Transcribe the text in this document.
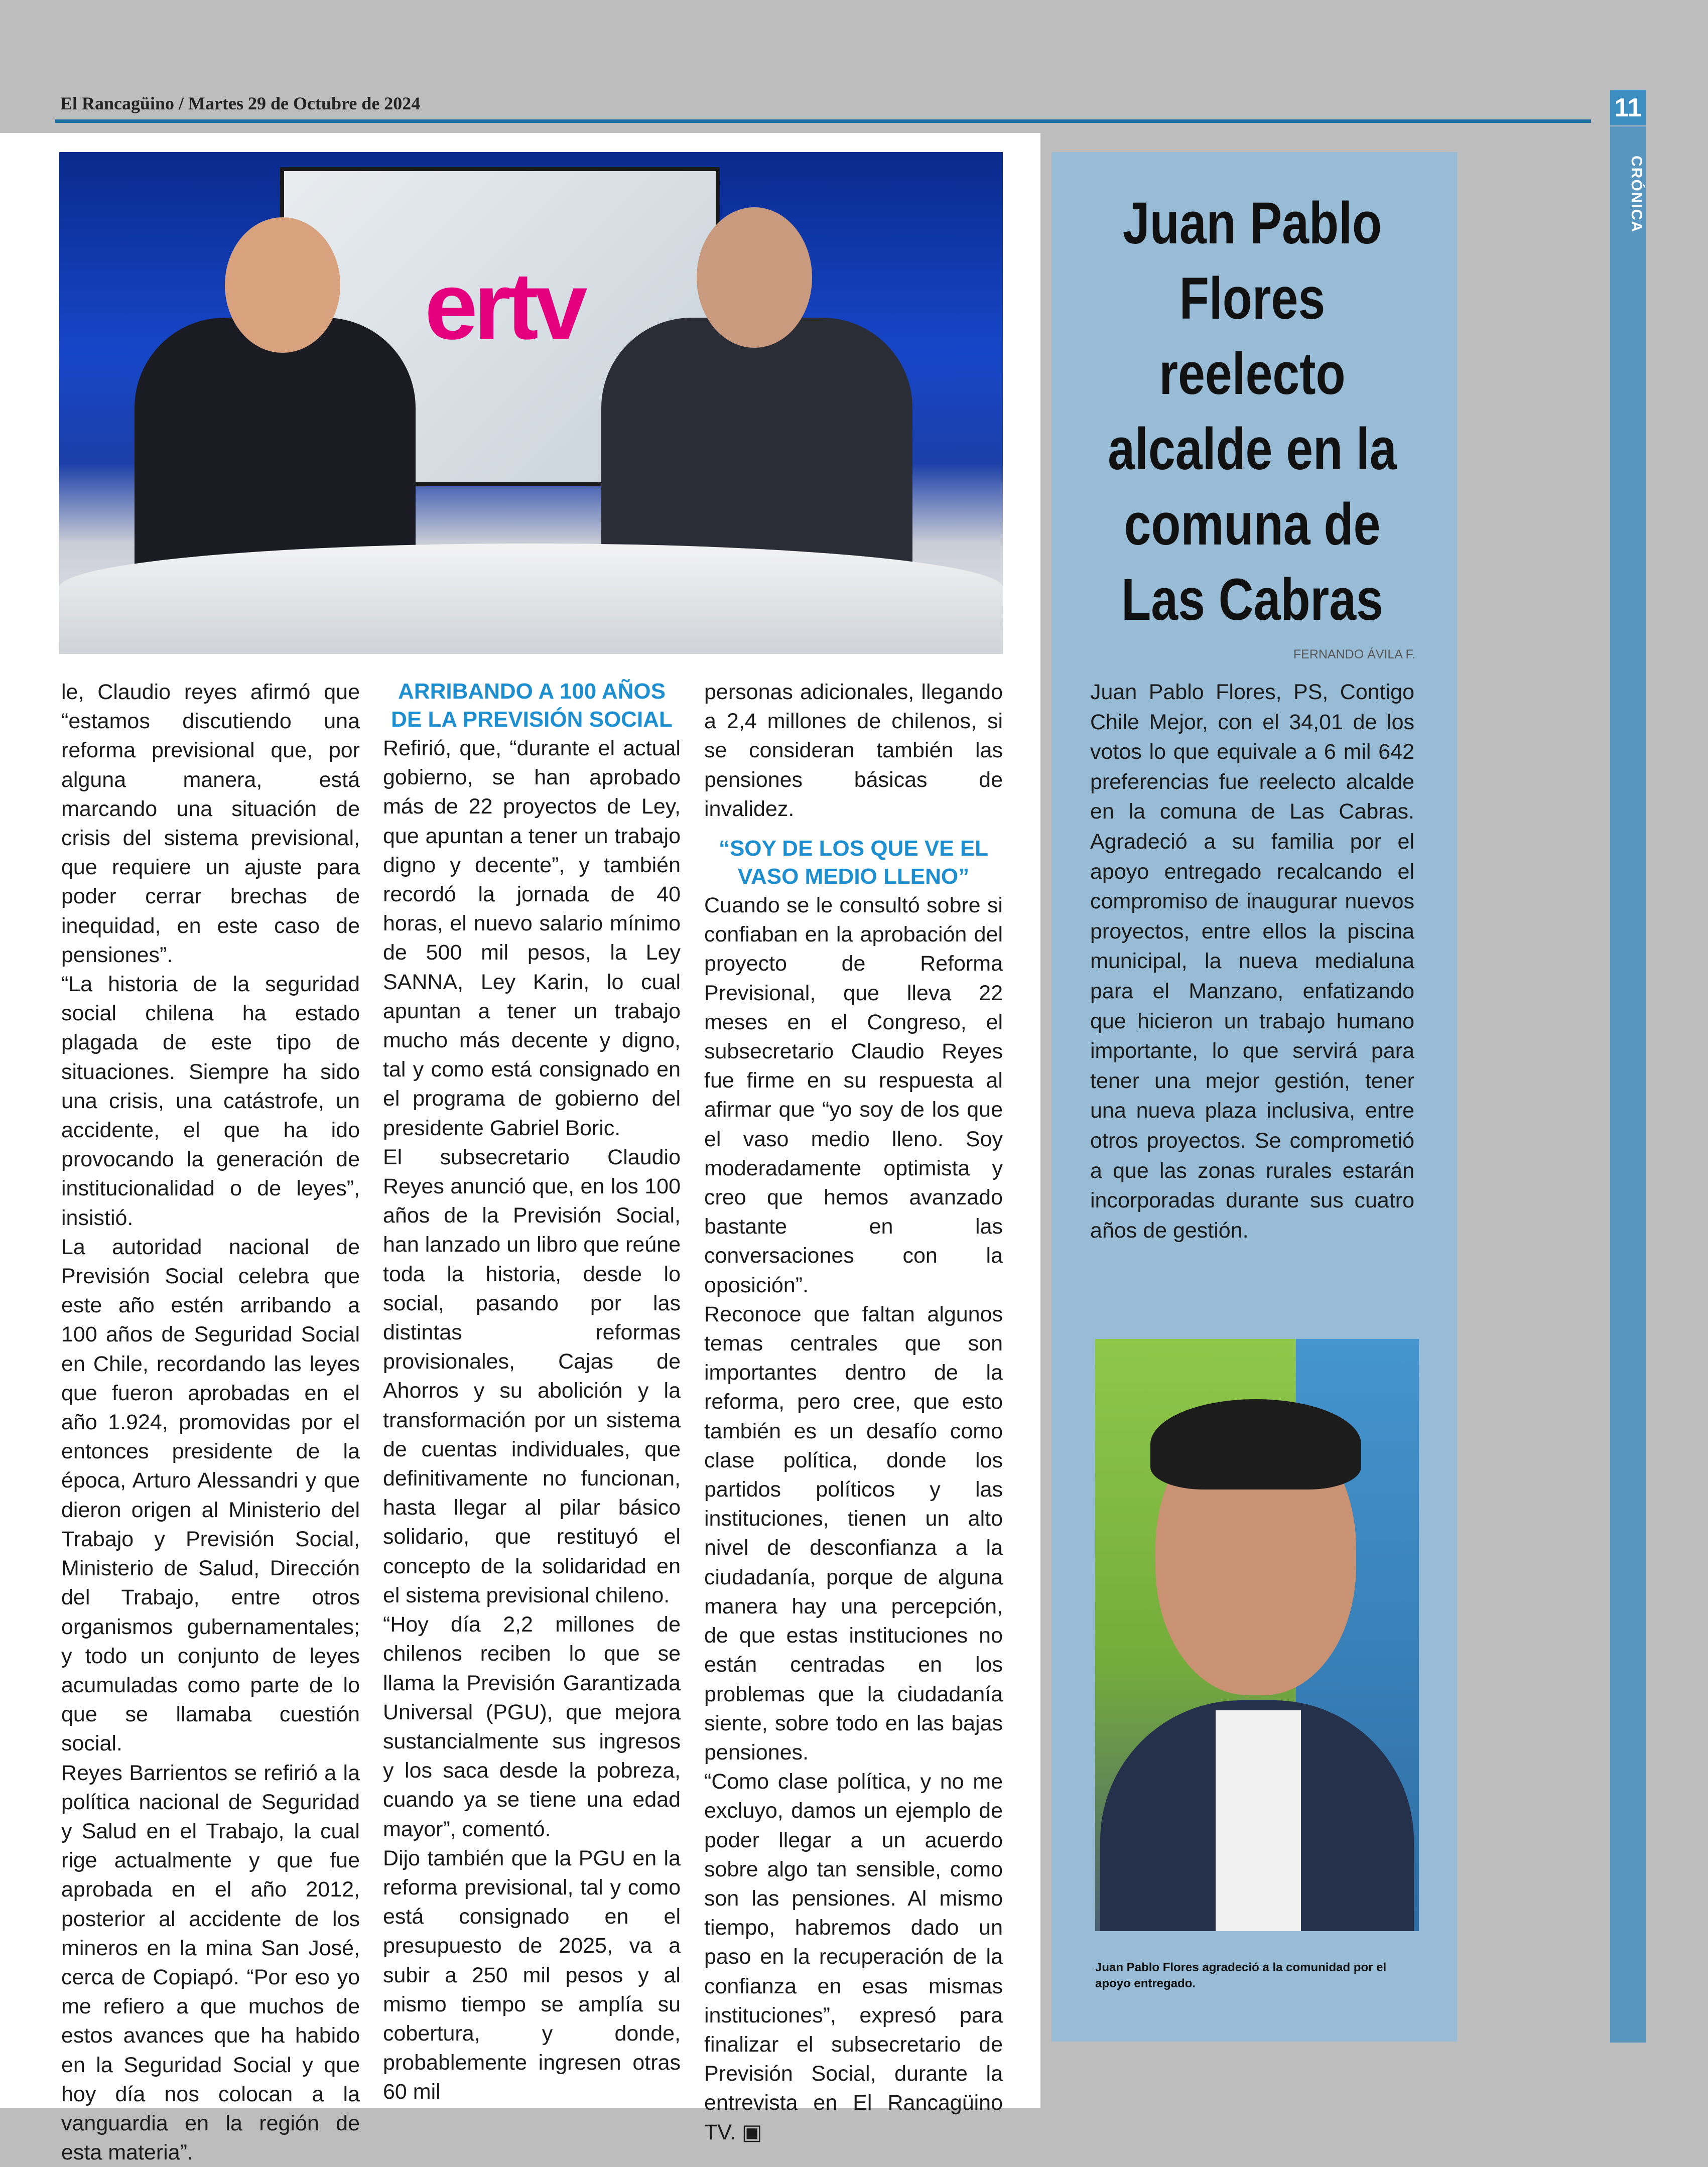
El Rancagüino / Martes 29 de Octubre de 2024	11
CRÓNICA
ertv

le, Claudio reyes afirmó que “estamos discutiendo una reforma previsional que, por alguna manera, está marcando una situación de crisis del sistema previsional, que requiere un ajuste para poder cerrar brechas de inequidad, en este caso de pensiones”.

“La historia de la seguridad social chilena ha estado plagada de este tipo de situaciones. Siempre ha sido una crisis, una catástrofe, un accidente, el que ha ido provocando la generación de institucionalidad o de leyes”, insistió.

La autoridad nacional de Previsión Social celebra que este año estén arribando a 100 años de Seguridad Social en Chile, recordando las leyes que fueron aprobadas en el año 1.924, promovidas por el entonces presidente de la época, Arturo Alessandri y que dieron origen al Ministerio del Trabajo y Previsión Social, Ministerio de Salud, Dirección del Trabajo, entre otros organismos gubernamentales; y todo un conjunto de leyes acumuladas como parte de lo que se llamaba cuestión social.

Reyes Barrientos se refirió a la política nacional de Seguridad y Salud en el Trabajo, la cual rige actualmente y que fue aprobada en el año 2012, posterior al accidente de los mineros en la mina San José, cerca de Copiapó. “Por eso yo me refiero a que muchos de estos avances que ha habido en la Seguridad Social y que hoy día nos colocan a la vanguardia en la región de esta materia”.

ARRIBANDO A 100 AÑOS DE LA PREVISIÓN SOCIAL

Refirió, que, “durante el actual gobierno, se han aprobado más de 22 proyectos de Ley, que apuntan a tener un trabajo digno y decente”, y también recordó la jornada de 40 horas, el nuevo salario mínimo de 500 mil pesos, la Ley SANNA, Ley Karin, lo cual apuntan a tener un trabajo mucho más decente y digno, tal y como está consignado en el programa de gobierno del presidente Gabriel Boric.

El subsecretario Claudio Reyes anunció que, en los 100 años de la Previsión Social, han lanzado un libro que reúne toda la historia, desde lo social, pasando por las distintas reformas provisionales, Cajas de Ahorros y su abolición y la transformación por un sistema de cuentas individuales, que definitivamente no funcionan, hasta llegar al pilar básico solidario, que restituyó el concepto de la solidaridad en el sistema previsional chileno.

“Hoy día 2,2 millones de chilenos reciben lo que se llama la Previsión Garantizada Universal (PGU), que mejora sustancialmente sus ingresos y los saca desde la pobreza, cuando ya se tiene una edad mayor”, comentó.

Dijo también que la PGU en la reforma previsional, tal y como está consignado en el presupuesto de 2025, va a subir a 250 mil pesos y al mismo tiempo se amplía su cobertura, y donde, probablemente ingresen otras 60 mil

personas adicionales, llegando a 2,4 millones de chilenos, si se consideran también las pensiones básicas de invalidez.

“SOY DE LOS QUE VE EL VASO MEDIO LLENO”

Cuando se le consultó sobre si confiaban en la aprobación del proyecto de Reforma Previsional, que lleva 22 meses en el Congreso, el subsecretario Claudio Reyes fue firme en su respuesta al afirmar que “yo soy de los que el vaso medio lleno. Soy moderadamente optimista y creo que hemos avanzado bastante en las conversaciones con la oposición”.

Reconoce que faltan algunos temas centrales que son importantes dentro de la reforma, pero cree, que esto también es un desafío como clase política, donde los partidos políticos y las instituciones, tienen un alto nivel de desconfianza a la ciudadanía, porque de alguna manera hay una percepción, de que estas instituciones no están centradas en los problemas que la ciudadanía siente, sobre todo en las bajas pensiones.

“Como clase política, y no me excluyo, damos un ejemplo de poder llegar a un acuerdo sobre algo tan sensible, como son las pensiones. Al mismo tiempo, habremos dado un paso en la recuperación de la confianza en esas mismas instituciones”, expresó para finalizar el subsecretario de Previsión Social, durante la entrevista en El Rancagüino TV. ▣

Juan Pablo Flores reelecto alcalde en la comuna de Las Cabras
FERNANDO ÁVILA F.
Juan Pablo Flores, PS, Contigo Chile Mejor, con el 34,01 de los votos lo que equivale a 6 mil 642 preferencias fue reelecto alcalde en la comuna de Las Cabras. Agradeció a su familia por el apoyo entregado recalcando el compromiso de inaugurar nuevos proyectos, entre ellos la piscina municipal, la nueva medialuna para el Manzano, enfatizando que hicieron un trabajo humano importante, lo que servirá para tener una mejor gestión, tener una nueva plaza inclusiva, entre otros proyectos. Se comprometió a que las zonas rurales estarán incorporadas durante sus cuatro años de gestión.
Juan Pablo Flores agradeció a la comunidad por el apoyo entregado.
